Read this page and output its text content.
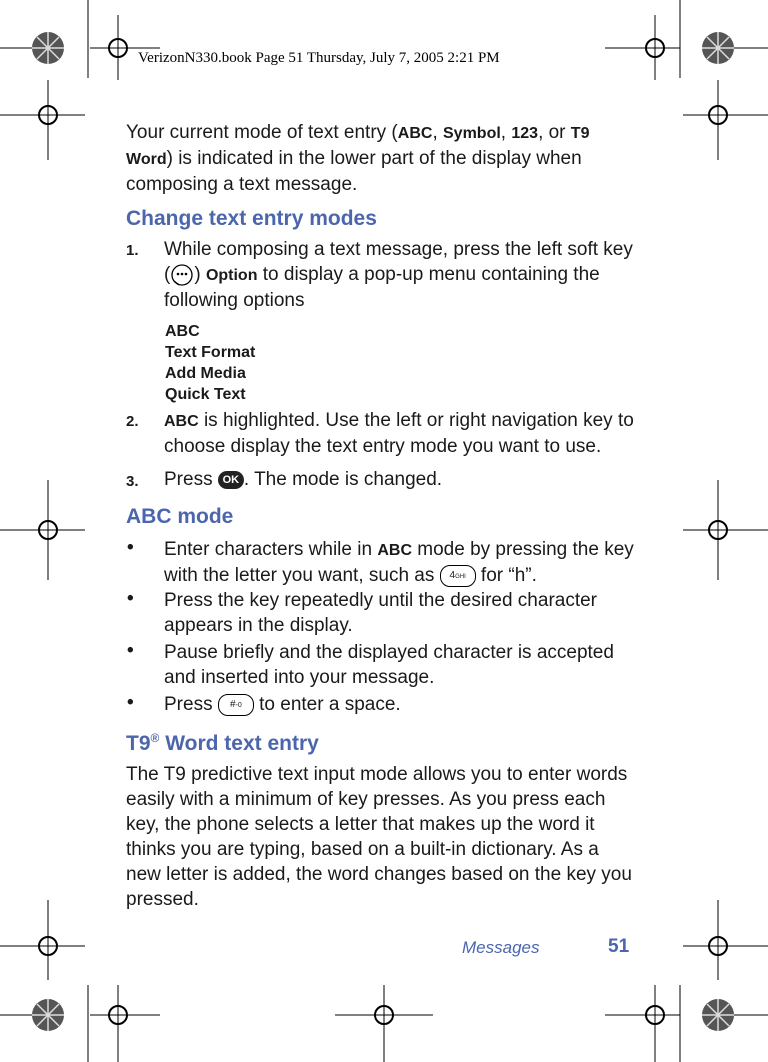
VerizonN330.book Page 51 Thursday, July 7, 2005 2:21 PM
Your current mode of text entry (ABC, Symbol, 123, or T9 Word) is indicated in the lower part of the display when composing a text message.
Change text entry modes
1. While composing a text message, press the left soft key ( ) Option to display a pop-up menu containing the following options
ABC
Text Format
Add Media
Quick Text
2. ABC is highlighted. Use the left or right navigation key to choose display the text entry mode you want to use.
3. Press OK . The mode is changed.
ABC mode
• Enter characters while in ABC mode by pressing the key with the letter you want, such as 4GHI for “h”.
• Press the key repeatedly until the desired character appears in the display.
• Pause briefly and the displayed character is accepted and inserted into your message.
• Press #-0 to enter a space.
T9® Word text entry
The T9 predictive text input mode allows you to enter words easily with a minimum of key presses. As you press each key, the phone selects a letter that makes up the word it thinks you are typing, based on a built-in dictionary. As a new letter is added, the word changes based on the key you pressed.
Messages	51
